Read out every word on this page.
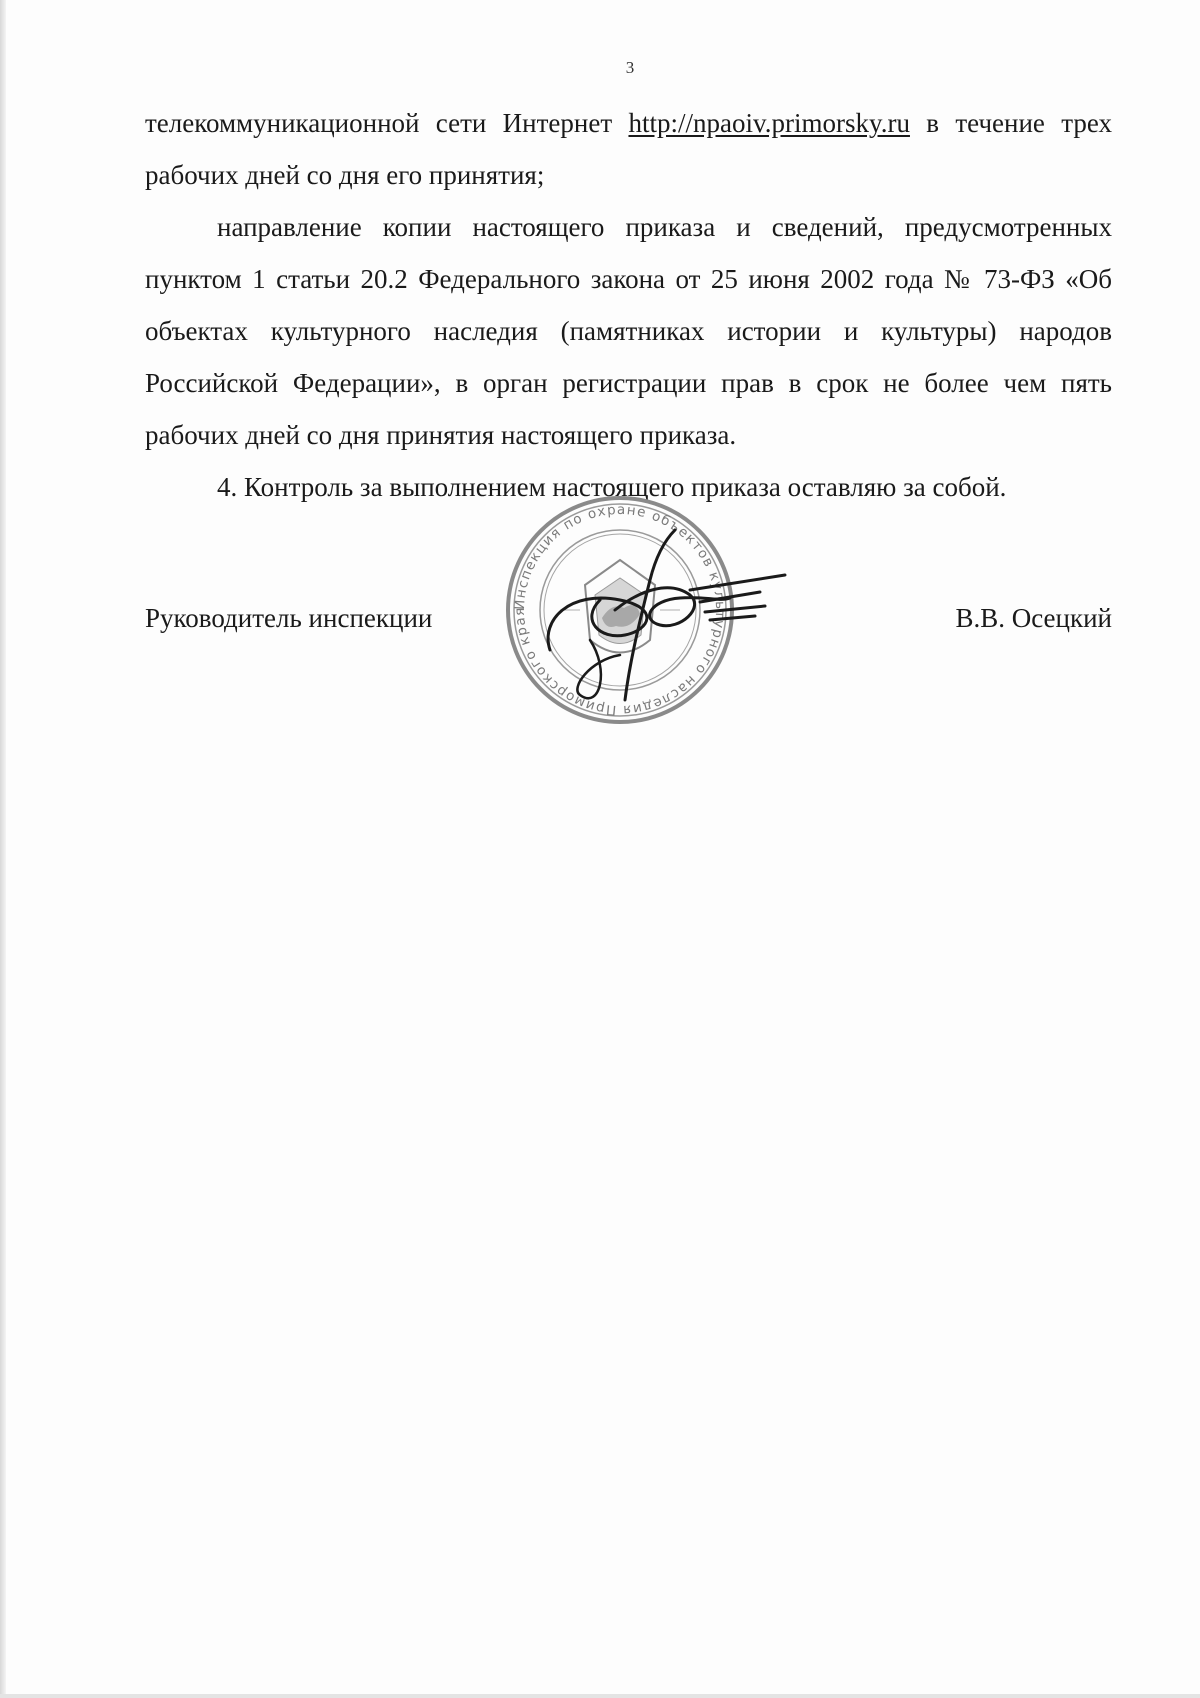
3

телекоммуникационной сети Интернет http://npaoiv.primorsky.ru в течение трех рабочих дней со дня его принятия;

направление копии настоящего приказа и сведений, предусмотренных пунктом 1 статьи 20.2 Федерального закона от 25 июня 2002 года № 73-ФЗ «Об объектах культурного наследия (памятниках истории и культуры) народов Российской Федерации», в орган регистрации прав в срок не более чем пять рабочих дней со дня принятия настоящего приказа.

4. Контроль за выполнением настоящего приказа оставляю за собой.

Руководитель инспекции	В.В. Осецкий
Инспекция по охране объектов культурного наследия Приморского края
